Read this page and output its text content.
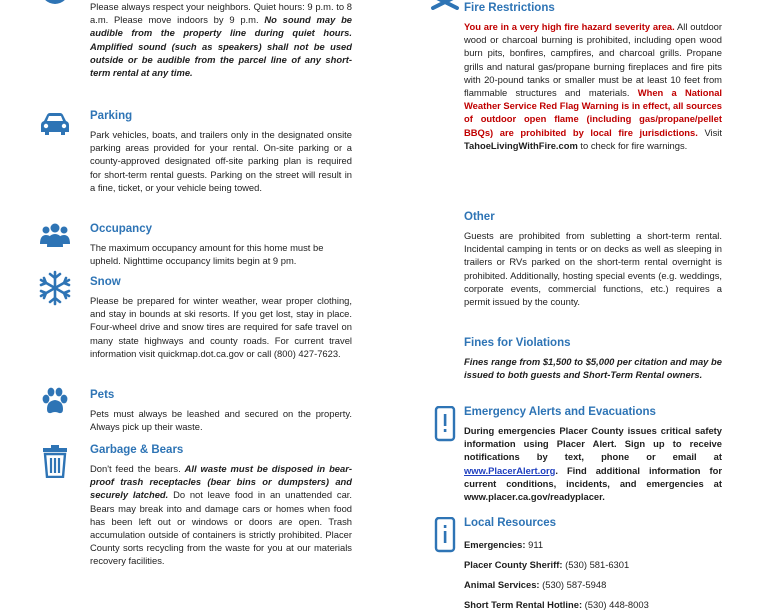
Please always respect your neighbors. Quiet hours: 9 p.m. to 8 a.m. Please move indoors by 9 p.m. No sound may be audible from the property line during quiet hours. Amplified sound (such as speakers) shall not be used outside or be audible from the parcel line of any short-term rental at any time.

Parking

Park vehicles, boats, and trailers only in the designated onsite parking areas provided for your rental. On-site parking or a county-approved designated off-site parking plan is required for short-term rental guests. Parking on the street will result in a fine, ticket, or your vehicle being towed.

Occupancy

The maximum occupancy amount for this home must be upheld. Nighttime occupancy limits begin at 9 pm.

Snow

Please be prepared for winter weather, wear proper clothing, and stay in bounds at ski resorts. If you get lost, stay in place. Four-wheel drive and snow tires are required for safe travel on many state highways and county roads. For current travel information visit quickmap.dot.ca.gov or call (800) 427-7623.

Pets

Pets must always be leashed and secured on the property. Always pick up their waste.

Garbage & Bears

Don't feed the bears. All waste must be disposed in bear-proof trash receptacles (bear bins or dumpsters) and securely latched. Do not leave food in an unattended car. Bears may break into and damage cars or homes when food has been left out or windows or doors are open. Trash accumulation outside of containers is strictly prohibited. Placer County sorts recycling from the waste for you at our materials recovery facilities.

Fire Restrictions

You are in a very high fire hazard severity area. All outdoor wood or charcoal burning is prohibited, including open wood burn pits, bonfires, campfires, and charcoal grills. Propane grills and natural gas/propane burning fireplaces and fire pits with 20-pound tanks or smaller must be at least 10 feet from flammable structures and materials. When a National Weather Service Red Flag Warning is in effect, all sources of outdoor open flame (including gas/propane/pellet BBQs) are prohibited by local fire jurisdictions. Visit TahoeLivingWithFire.com to check for fire warnings.

Other

Guests are prohibited from subletting a short-term rental. Incidental camping in tents or on decks as well as sleeping in trailers or RVs parked on the short-term rental overnight is prohibited. Additionally, hosting special events (e.g. weddings, corporate events, commercial functions, etc.) requires a permit issued by the county.

Fines for Violations

Fines range from $1,500 to $5,000 per citation and may be issued to both guests and Short-Term Rental owners.

Emergency Alerts and Evacuations

During emergencies Placer County issues critical safety information using Placer Alert. Sign up to receive notifications by text, phone or email at www.PlacerAlert.org. Find additional information for current conditions, incidents, and emergencies at www.placer.ca.gov/readyplacer.

Local Resources
Emergencies: 911
Placer County Sheriff: (530) 581-6301
Animal Services: (530) 587-5948
Short Term Rental Hotline: (530) 448-8003
